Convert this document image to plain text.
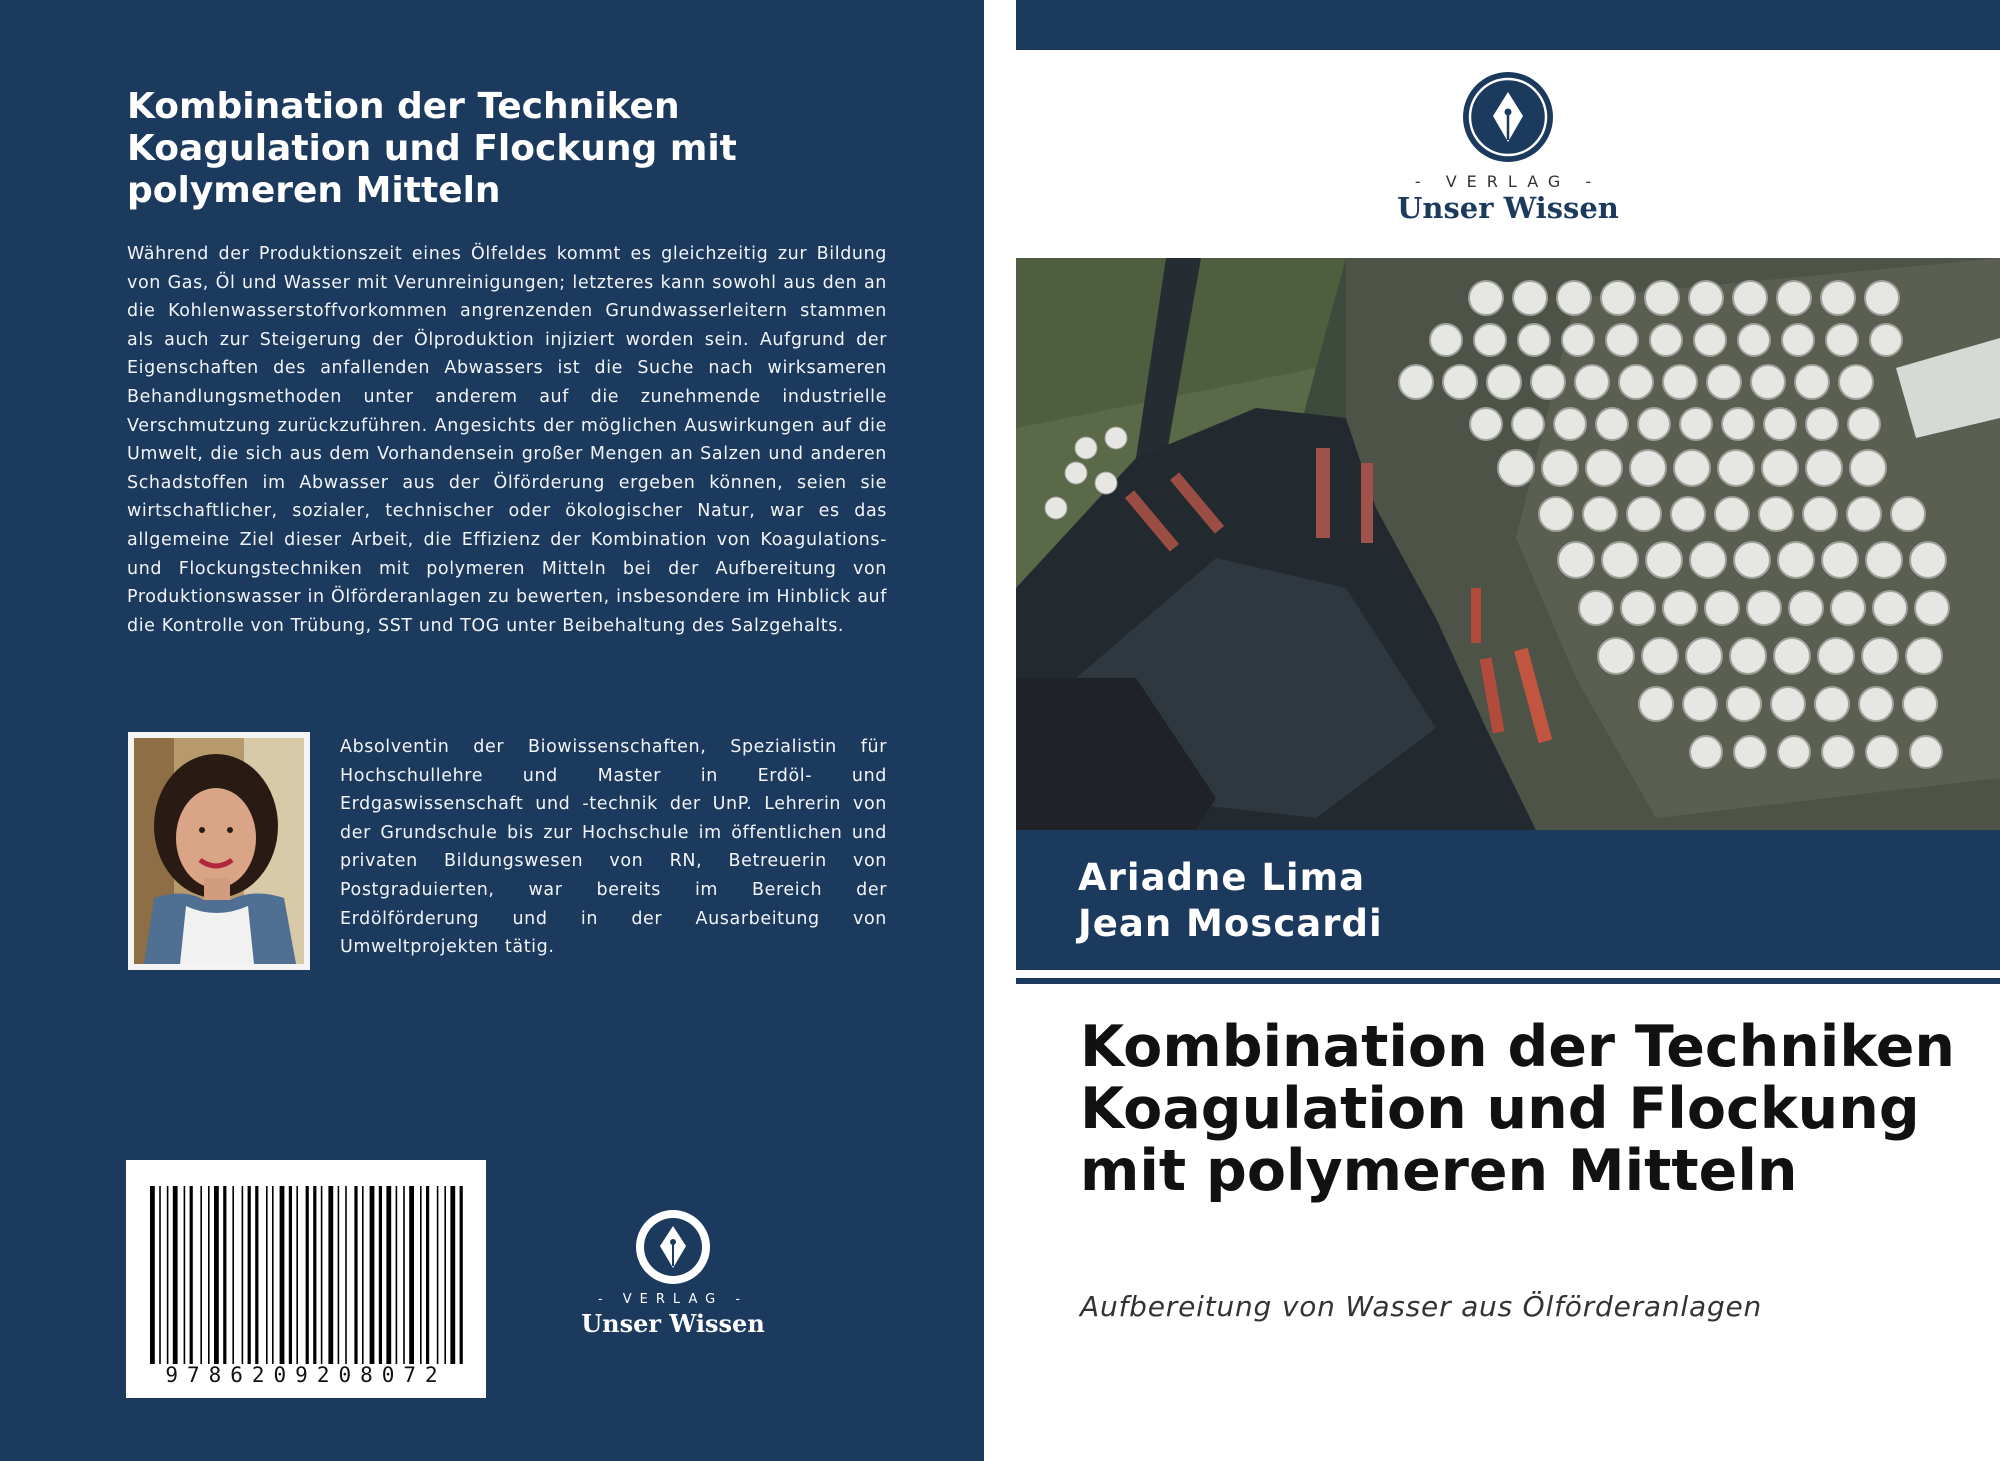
Kombination der Techniken Koagulation und Flockung mit polymeren Mitteln

Während der Produktionszeit eines Ölfeldes kommt es gleichzeitig zur Bildung von Gas, Öl und Wasser mit Verunreinigungen; letzteres kann sowohl aus den an die Kohlenwasserstoffvorkommen angrenzenden Grundwasserleitern stammen als auch zur Steigerung der Ölproduktion injiziert worden sein. Aufgrund der Eigenschaften des anfallenden Abwassers ist die Suche nach wirksameren Behandlungsmethoden unter anderem auf die zunehmende industrielle Verschmutzung zurückzuführen. Angesichts der möglichen Auswirkungen auf die Umwelt, die sich aus dem Vorhandensein großer Mengen an Salzen und anderen Schadstoffen im Abwasser aus der Ölförderung ergeben können, seien sie wirtschaftlicher, sozialer, technischer oder ökologischer Natur, war es das allgemeine Ziel dieser Arbeit, die Effizienz der Kombination von Koagulations- und Flockungstechniken mit polymeren Mitteln bei der Aufbereitung von Produktionswasser in Ölförderanlagen zu bewerten, insbesondere im Hinblick auf die Kontrolle von Trübung, SST und TOG unter Beibehaltung des Salzgehalts.

Absolventin der Biowissenschaften, Spezialistin für Hochschullehre und Master in Erdöl- und Erdgaswissenschaft und -technik der UnP. Lehrerin von der Grundschule bis zur Hochschule im öffentlichen und privaten Bildungswesen von RN, Betreuerin von Postgraduierten, war bereits im Bereich der Erdölförderung und in der Ausarbeitung von Umweltprojekten tätig.

9786209208072
- VERLAG -
Unser Wissen
- VERLAG -
Unser Wissen
Ariadne Lima
Jean Moscardi
Kombination der Techniken Koagulation und Flockung mit polymeren Mitteln

Aufbereitung von Wasser aus Ölförderanlagen
